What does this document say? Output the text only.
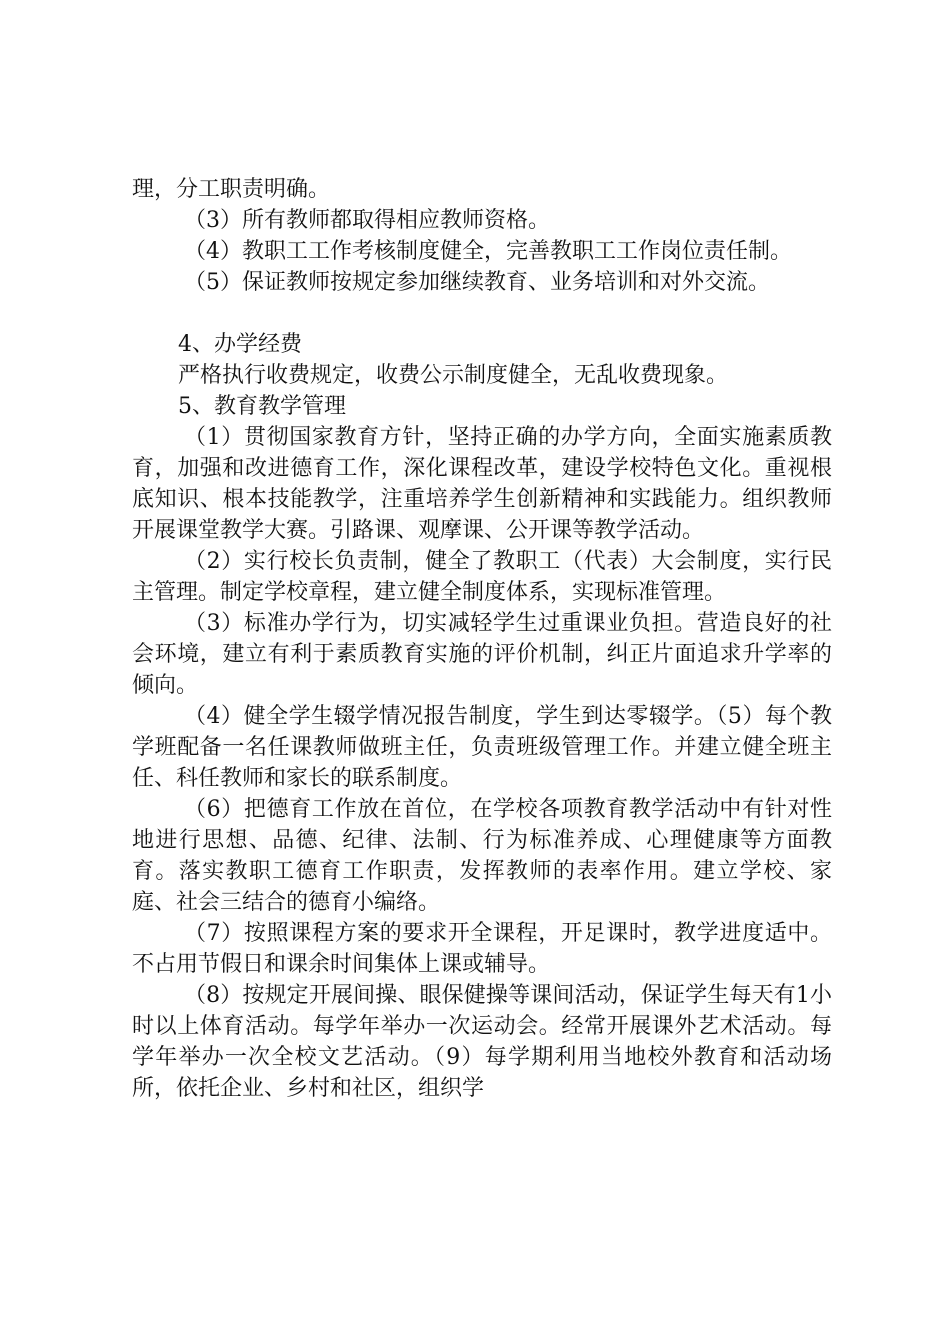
理，分工职责明确。

（3）所有教师都取得相应教师资格。

（4）教职工工作考核制度健全，完善教职工工作岗位责任制。

（5）保证教师按规定参加继续教育、业务培训和对外交流。

4、办学经费

严格执行收费规定，收费公示制度健全，无乱收费现象。

5、教育教学管理

（1）贯彻国家教育方针，坚持正确的办学方向，全面实施素质教育，加强和改进德育工作，深化课程改革，建设学校特色文化。重视根底知识、根本技能教学，注重培养学生创新精神和实践能力。组织教师开展课堂教学大赛。引路课、观摩课、公开课等教学活动。

（2）实行校长负责制，健全了教职工（代表）大会制度，实行民主管理。制定学校章程，建立健全制度体系，实现标准管理。

（3）标准办学行为，切实减轻学生过重课业负担。营造良好的社会环境，建立有利于素质教育实施的评价机制，纠正片面追求升学率的倾向。

（4）健全学生辍学情况报告制度，学生到达零辍学。（5）每个教学班配备一名任课教师做班主任，负责班级管理工作。并建立健全班主任、科任教师和家长的联系制度。

（6）把德育工作放在首位，在学校各项教育教学活动中有针对性地进行思想、品德、纪律、法制、行为标准养成、心理健康等方面教育。落实教职工德育工作职责，发挥教师的表率作用。建立学校、家庭、社会三结合的德育小编络。

（7）按照课程方案的要求开全课程，开足课时，教学进度适中。不占用节假日和课余时间集体上课或辅导。

（8）按规定开展间操、眼保健操等课间活动，保证学生每天有1小时以上体育活动。每学年举办一次运动会。经常开展课外艺术活动。每学年举办一次全校文艺活动。（9）每学期利用当地校外教育和活动场所，依托企业、乡村和社区，组织学
